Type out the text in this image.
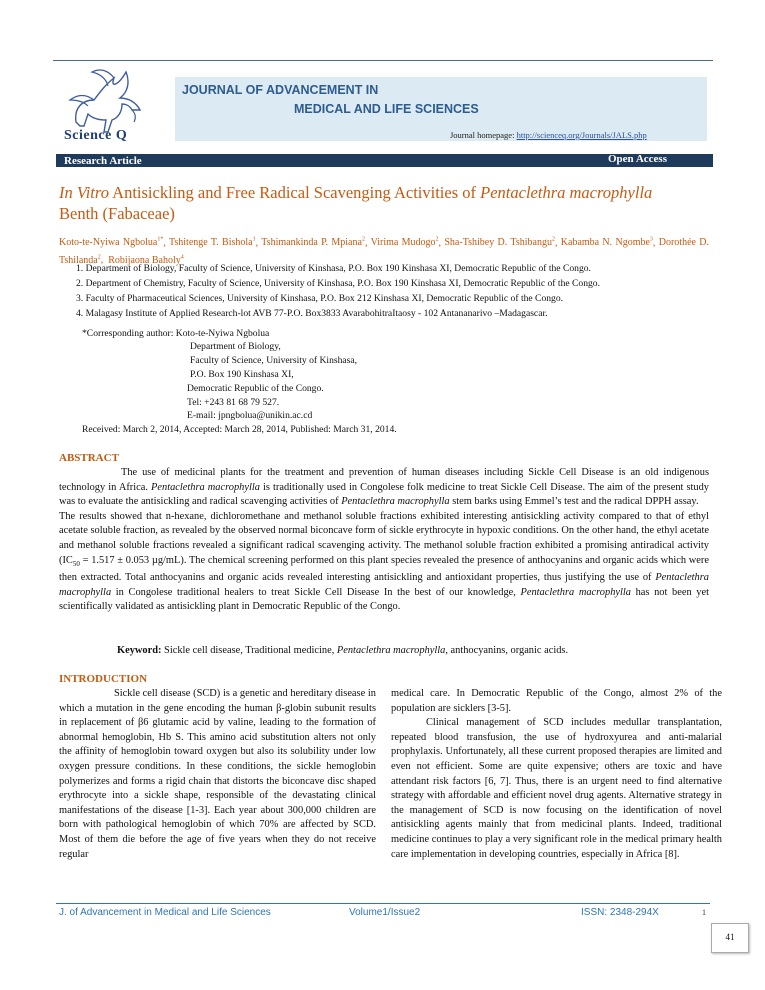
Science Q
JOURNAL OF ADVANCEMENT IN
MEDICAL AND LIFE SCIENCES
Journal homepage: http://scienceq.org/Journals/JALS.php
Research Article	Open Access
In Vitro Antisickling and Free Radical Scavenging Activities of Pentaclethra macrophylla
Benth (Fabaceae)
Koto-te-Nyiwa Ngbolua$^{1*}$, Tshitenge T. Bishola$^1$, Tshimankinda P. Mpiana$^2$, Virima Mudogo$^2$, Sha-Tshibey D. Tshibangu$^2$, Kabamba N. Ngombe$^3$, Dorothée D. Tshilanda$^2$,  Robijaona Baholy$^4$
1. Department of Biology, Faculty of Science, University of Kinshasa, P.O. Box 190 Kinshasa XI, Democratic Republic of the Congo.
2. Department of Chemistry, Faculty of Science, University of Kinshasa, P.O. Box 190 Kinshasa XI, Democratic Republic of the Congo.
3. Faculty of Pharmaceutical Sciences, University of Kinshasa, P.O. Box 212 Kinshasa XI, Democratic Republic of the Congo.
4. Malagasy Institute of Applied Research-lot AVB 77-P.O. Box3833 AvarabohitraItaosy - 102 Antananarivo –Madagascar.
*Corresponding author: Koto-te-Nyiwa Ngbolua
Department of Biology,
Faculty of Science, University of Kinshasa,
P.O. Box 190 Kinshasa XI,
Democratic Republic of the Congo.
Tel: +243 81 68 79 527.
E-mail: jpngbolua@unikin.ac.cd
Received: March 2, 2014, Accepted: March 28, 2014, Published: March 31, 2014.
ABSTRACT

The use of medicinal plants for the treatment and prevention of human diseases including Sickle Cell Disease is an old indigenous technology in Africa. Pentaclethra macrophylla is traditionally used in Congolese folk medicine to treat Sickle Cell Disease. The aim of the present study was to evaluate the antisickling and radical scavenging activities of Pentaclethra macrophylla stem barks using Emmel’s test and the radical DPPH assay.

The results showed that n-hexane, dichloromethane and methanol soluble fractions exhibited interesting antisickling activity compared to that of ethyl acetate soluble fraction, as revealed by the observed normal biconcave form of sickle erythrocyte in hypoxic conditions. On the other hand, the ethyl acetate and methanol soluble fractions revealed a significant radical scavenging activity. The methanol soluble fraction exhibited a promising antiradical activity ($IC_{50} = 1.517 \pm 0.053$ µg/mL). The chemical screening performed on this plant species revealed the presence of anthocyanins and organic acids which were then extracted. Total anthocyanins and organic acids revealed interesting antisickling and antioxidant properties, thus justifying the use of Pentaclethra macrophylla in Congolese traditional healers to treat Sickle Cell Disease In the best of our knowledge, Pentaclethra macrophylla has not been yet scientifically validated as antisickling plant in Democratic Republic of the Congo.

Keyword: Sickle cell disease, Traditional medicine, Pentaclethra macrophylla, anthocyanins, organic acids.
INTRODUCTION

Sickle cell disease (SCD) is a genetic and hereditary disease in which a mutation in the gene encoding the human β-globin subunit results in replacement of β6 glutamic acid by valine, leading to the formation of abnormal hemoglobin, Hb S. This amino acid substitution alters not only the affinity of hemoglobin toward oxygen but also its solubility under low oxygen pressure conditions. In these conditions, the sickle hemoglobin polymerizes and forms a rigid chain that distorts the biconcave disc shaped erythrocyte into a sickle shape, responsible of the devastating clinical manifestations of the disease [1-3]. Each year about 300,000 children are born with pathological hemoglobin of which 70% are affected by SCD. Most of them die before the age of five years when they do not receive regular

medical care. In Democratic Republic of the Congo, almost 2% of the population are sicklers [3-5].

Clinical management of SCD includes medullar transplantation, repeated blood transfusion, the use of hydroxyurea and anti-malarial prophylaxis. Unfortunately, all these current proposed therapies are limited and even not efficient. Some are quite expensive; others are toxic and have attendant risk factors [6, 7]. Thus, there is an urgent need to find alternative strategy with affordable and efficient novel drug agents. Alternative strategy in the management of SCD is now focusing on the identification of novel antisickling agents mainly that from medicinal plants. Indeed, traditional medicine continues to play a very significant role in the medical primary health care implementation in developing countries, especially in Africa [8].

J. of Advancement in Medical and Life Sciences	Volume1/Issue2	ISSN: 2348-294X	1
41
